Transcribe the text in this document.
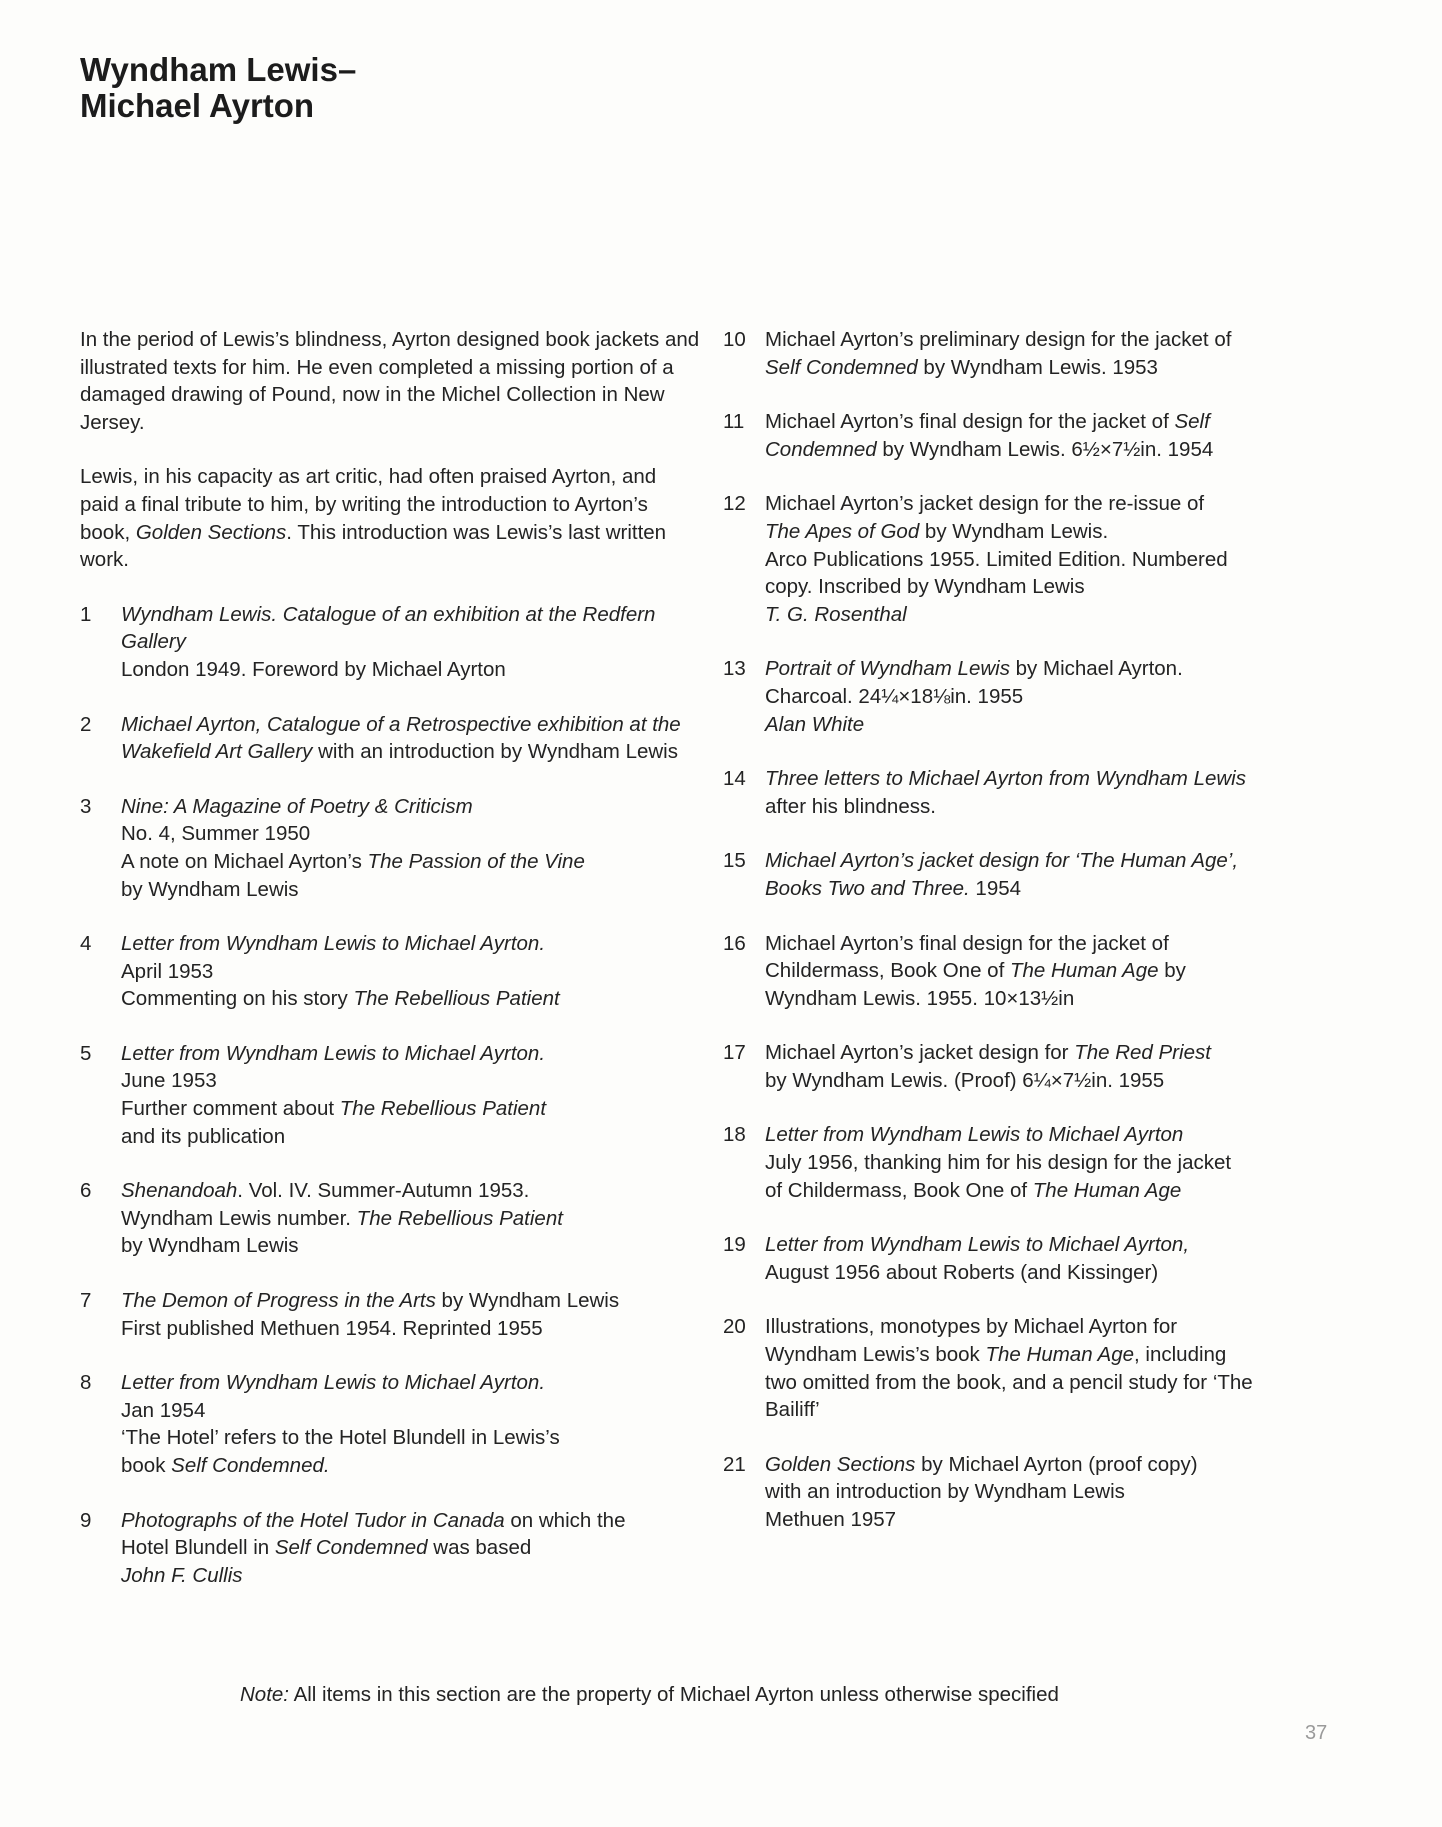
Wyndham Lewis–
Michael Ayrton

In the period of Lewis’s blindness, Ayrton designed book jackets and illustrated texts for him. He even completed a missing portion of a damaged drawing of Pound, now in the Michel Collection in New Jersey.

Lewis, in his capacity as art critic, had often praised Ayrton, and paid a final tribute to him, by writing the introduction to Ayrton’s book, Golden Sections. This introduction was Lewis’s last written work.

1	Wyndham Lewis. Catalogue of an exhibition at the Redfern Gallery
London 1949. Foreword by Michael Ayrton
2	Michael Ayrton, Catalogue of a Retrospective exhibition at the Wakefield Art Gallery with an introduction by Wyndham Lewis
3	Nine: A Magazine of Poetry & Criticism
No. 4, Summer 1950
A note on Michael Ayrton’s The Passion of the Vine
by Wyndham Lewis
4	Letter from Wyndham Lewis to Michael Ayrton.
April 1953
Commenting on his story The Rebellious Patient
5	Letter from Wyndham Lewis to Michael Ayrton.
June 1953
Further comment about The Rebellious Patient
and its publication
6	Shenandoah. Vol. IV. Summer-Autumn 1953.
Wyndham Lewis number. The Rebellious Patient
by Wyndham Lewis
7	The Demon of Progress in the Arts by Wyndham Lewis
First published Methuen 1954. Reprinted 1955
8	Letter from Wyndham Lewis to Michael Ayrton.
Jan 1954
‘The Hotel’ refers to the Hotel Blundell in Lewis’s
book Self Condemned.
9	Photographs of the Hotel Tudor in Canada on which the
Hotel Blundell in Self Condemned was based
John F. Cullis
10 Michael Ayrton’s preliminary design for the jacket of
Self Condemned by Wyndham Lewis. 1953
11	Michael Ayrton’s final design for the jacket of Self
Condemned by Wyndham Lewis. 6½×7½in. 1954
12 Michael Ayrton’s jacket design for the re-issue of
The Apes of God by Wyndham Lewis.
Arco Publications 1955. Limited Edition. Numbered
copy. Inscribed by Wyndham Lewis
T. G. Rosenthal
13 Portrait of Wyndham Lewis by Michael Ayrton.
Charcoal. 24¼×18⅛in. 1955
Alan White
14 Three letters to Michael Ayrton from Wyndham Lewis
after his blindness.
15 Michael Ayrton’s jacket design for ‘The Human Age’,
Books Two and Three. 1954
16 Michael Ayrton’s final design for the jacket of
Childermass, Book One of The Human Age by
Wyndham Lewis. 1955. 10×13½in
17 Michael Ayrton’s jacket design for The Red Priest
by Wyndham Lewis. (Proof) 6¼×7½in. 1955
18 Letter from Wyndham Lewis to Michael Ayrton
July 1956, thanking him for his design for the jacket
of Childermass, Book One of The Human Age
19 Letter from Wyndham Lewis to Michael Ayrton,
August 1956 about Roberts (and Kissinger)
20 Illustrations, monotypes by Michael Ayrton for
Wyndham Lewis’s book The Human Age, including
two omitted from the book, and a pencil study for ‘The
Bailiff’
21 Golden Sections by Michael Ayrton (proof copy)
with an introduction by Wyndham Lewis
Methuen 1957

Note: All items in this section are the property of Michael Ayrton unless otherwise specified

37
